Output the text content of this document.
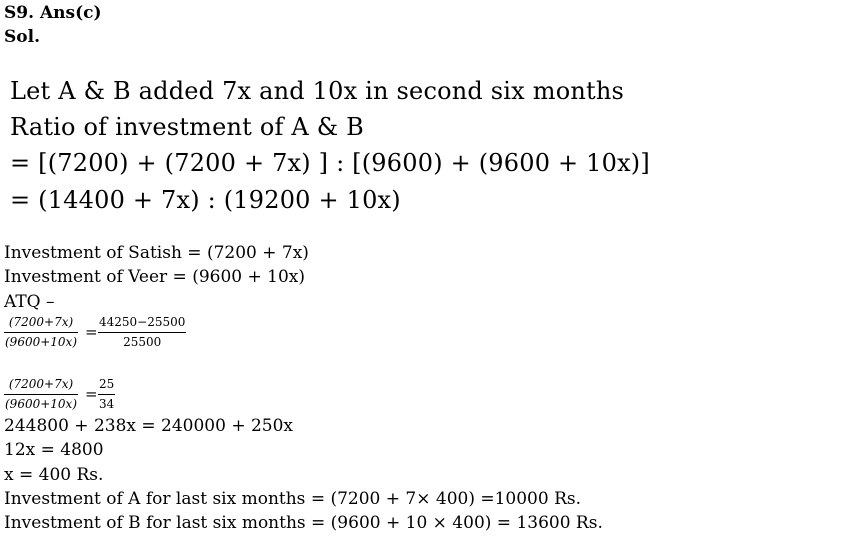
S9. Ans(c)
Sol.
Let A & B added 7x and 10x in second six months
Ratio of investment of A & B
= [(7200) + (7200 + 7x) ] : [(9600) + (9600 + 10x)]
= (14400 + 7x) : (19200 + 10x)
Investment of Satish = (7200 + 7x)
Investment of Veer = (9600 + 10x)
ATQ –
(7200+7x)
(9600+10x)
=
44250−25500
25500
(7200+7x)
(9600+10x)
=
25
34
244800 + 238x = 240000 + 250x
12x = 4800
x = 400 Rs.
Investment of A for last six months = (7200 + 7× 400) =10000 Rs.
Investment of B for last six months = (9600 + 10 × 400) = 13600 Rs.
